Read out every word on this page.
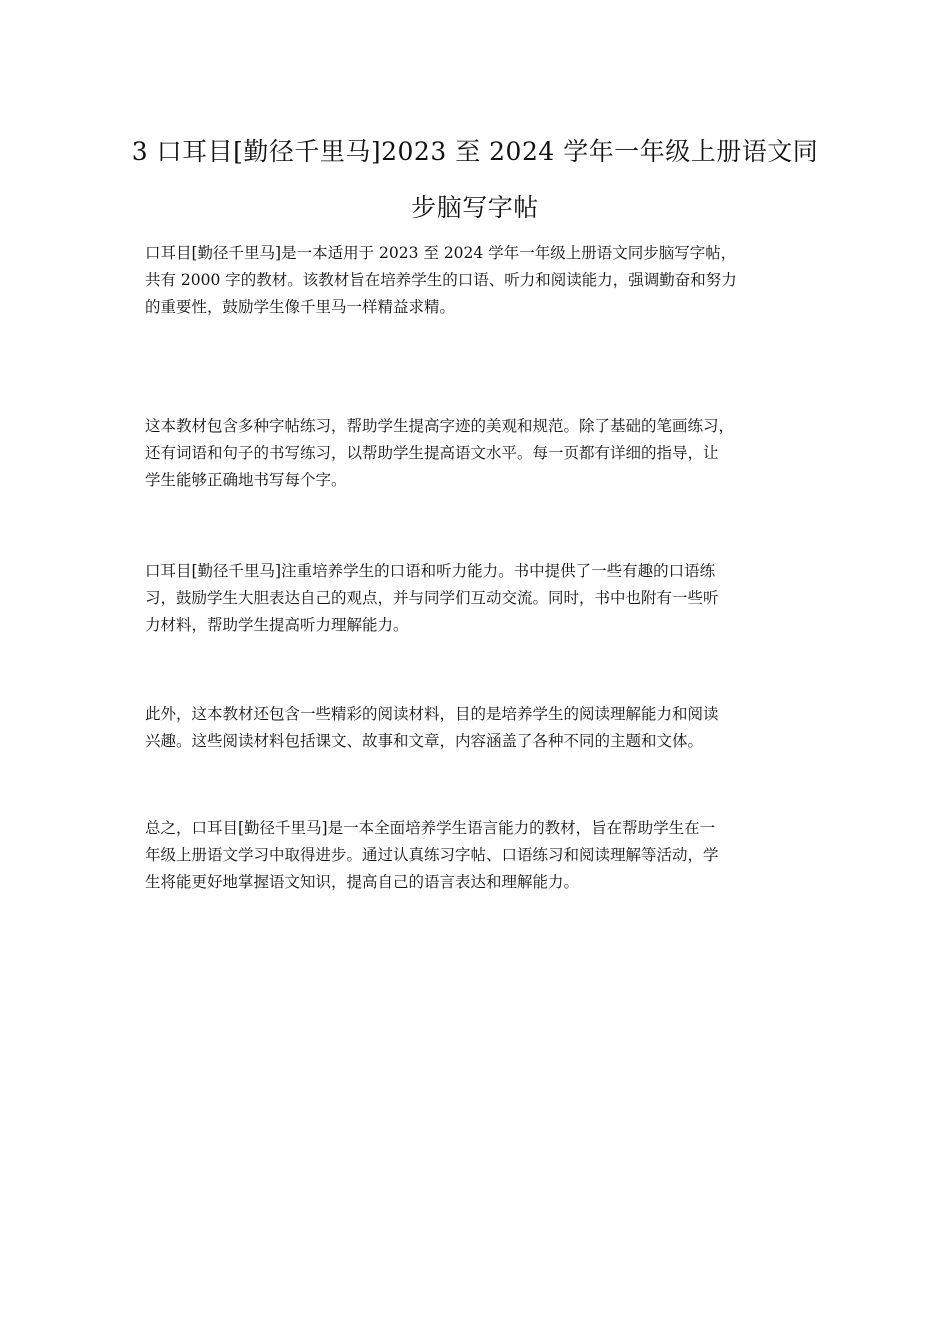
3 口耳目[勤径千里马]2023 至 2024 学年一年级上册语文同
步脑写字帖

口耳目[勤径千里马]是一本适用于 2023 至 2024 学年一年级上册语文同步脑写字帖，
共有 2000 字的教材。该教材旨在培养学生的口语、听力和阅读能力，强调勤奋和努力
的重要性，鼓励学生像千里马一样精益求精。

这本教材包含多种字帖练习，帮助学生提高字迹的美观和规范。除了基础的笔画练习，
还有词语和句子的书写练习，以帮助学生提高语文水平。每一页都有详细的指导，让
学生能够正确地书写每个字。

口耳目[勤径千里马]注重培养学生的口语和听力能力。书中提供了一些有趣的口语练
习，鼓励学生大胆表达自己的观点，并与同学们互动交流。同时，书中也附有一些听
力材料，帮助学生提高听力理解能力。

此外，这本教材还包含一些精彩的阅读材料，目的是培养学生的阅读理解能力和阅读
兴趣。这些阅读材料包括课文、故事和文章，内容涵盖了各种不同的主题和文体。

总之，口耳目[勤径千里马]是一本全面培养学生语言能力的教材，旨在帮助学生在一
年级上册语文学习中取得进步。通过认真练习字帖、口语练习和阅读理解等活动，学
生将能更好地掌握语文知识，提高自己的语言表达和理解能力。
